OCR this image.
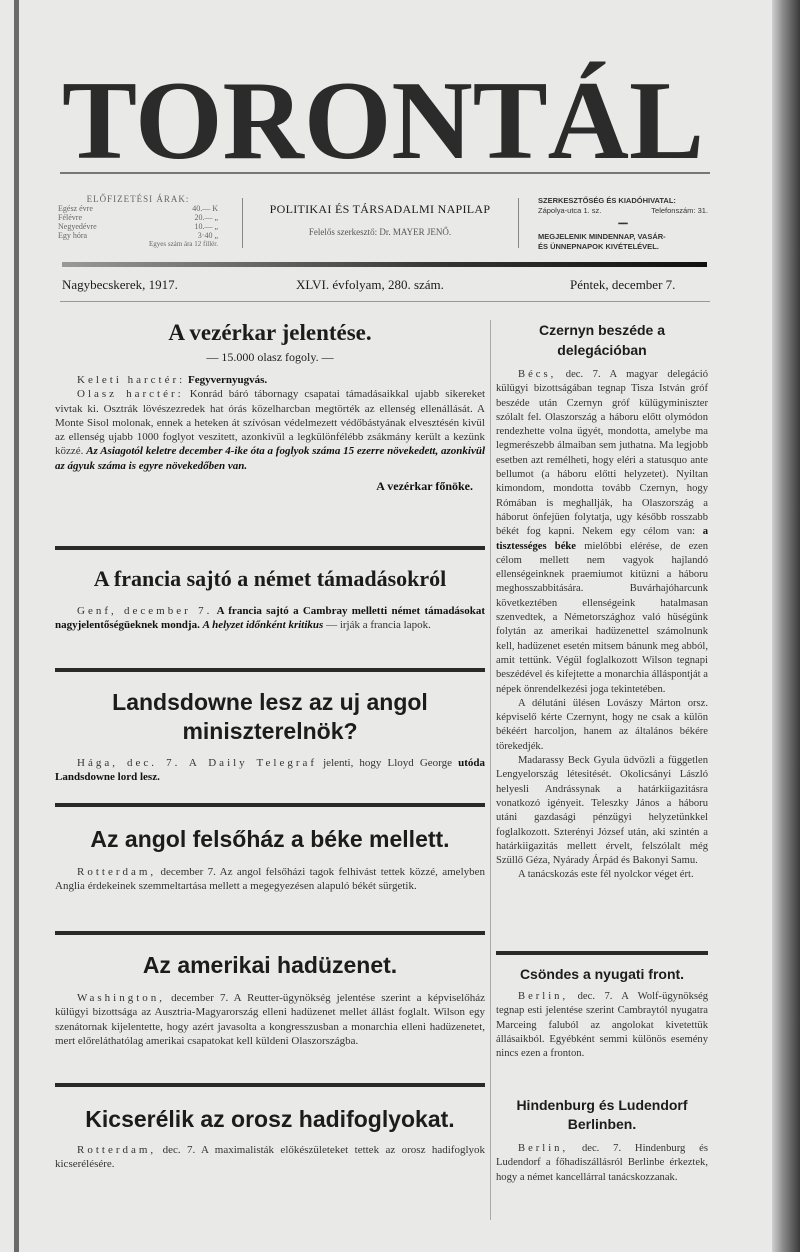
TORONTÁL
ELŐFIZETÉSI ÁRAK:
Egész évre	40.— K
Félévre	20.— „
Negyedévre	10.— „
Egy hóra	3·40 „
Egyes szám ára 12 fillér.
POLITIKAI ÉS TÁRSADALMI NAPILAP
Felelős szerkesztő: Dr. MAYER JENŐ.
SZERKESZTŐSÉG ÉS KIADÓHIVATAL:
Zápolya-utca 1. sz.	Telefonszám: 31.
━━
MEGJELENIK MINDENNAP, VASÁR-
ÉS ÜNNEPNAPOK KIVÉTELÉVEL.
Nagybecskerek, 1917.	XLVI. évfolyam, 280. szám.	Péntek, december 7.
A vezérkar jelentése.
— 15.000 olasz fogoly. —
Keleti harctér: Fegyvernyugvás.
Olasz harctér: Konrád báró tábornagy csapatai támadásaikkal ujabb sikereket vivtak ki. Osztrák lövészezredek hat órás közelharcban megtörték az ellenség ellenállását. A Monte Sisol molonak, ennek a heteken át szívósan védelmezett védőbástyának elvesztésén kivül az ellenség ujabb 1000 foglyot veszitett, azonkivül a legkülönfélébb zsákmány került a kezünk közzé. Az Asiagotól keletre december 4-ike óta a foglyok száma 15 ezerre növekedett, azonkivül az ágyuk száma is egyre növekedőben van.
A vezérkar főnöke.
A francia sajtó a német támadásokról
Genf, december 7. A francia sajtó a Cambray melletti német támadásokat nagyjelentőségüeknek mondja. A helyzet időnként kritikus — irják a francia lapok.
Landsdowne lesz az uj angol
miniszterelnök?
Hága, dec. 7. A Daily Telegraf jelenti, hogy Lloyd George utóda Landsdowne lord lesz.
Az angol felsőház a béke mellett.
Rotterdam, december 7. Az angol felsőházi tagok felhivást tettek közzé, amelyben Anglia érdekeinek szemmeltartása mellett a megegyezésen alapuló békét sürgetik.
Az amerikai hadüzenet.
Washington, december 7. A Reutter-ügynökség jelentése szerint a képviselőház külügyi bizottsága az Ausztria-Magyarország elleni hadüzenet mellet állást foglalt. Wilson egy szenátornak kijelentette, hogy azért javasolta a kongresszusban a monarchia elleni hadüzenetet, mert előreláthatólag amerikai csapatokat kell küldeni Olaszországba.
Kicserélik az orosz hadifoglyokat.
Rotterdam, dec. 7. A maximalisták előkészületeket tettek az orosz hadifoglyok kicserélésére.
Czernyn beszéde a
delegációban
Bécs, dec. 7. A magyar delegáció külügyi bizottságában tegnap Tisza István gróf beszéde után Czernyn gróf külügyminiszter szólalt fel. Olaszország a háboru előtt olymódon rendezhette volna ügyét, mondotta, amelybe ma legmerészebb álmaiban sem juthatna. Ma legjobb esetben azt remélheti, hogy eléri a statusquo ante bellumot (a háboru előtti helyzetet). Nyiltan kimondom, mondotta tovább Czernyn, hogy Rómában is meghallják, ha Olaszország a háborut önfejüen folytatja, ugy később rosszabb békét fog kapni. Nekem egy célom van: a tisztességes béke mielőbbi elérése, de ezen célom mellett nem vagyok hajlandó ellenségeinknek praemiumot kitüzni a háboru meghosszabbitására. Buvárhajóharcunk következtében ellenségeink hatalmasan szenvedtek, a Németországhoz való hüségünk folytán az amerikai hadüzenettel számolnunk kell, hadüzenet esetén mitsem bánunk meg abból, amit tettünk. Végül foglalkozott Wilson tegnapi beszédével és kifejtette a monarchia álláspontját a népek önrendelkezési joga tekintetében.
A délutáni ülésen Lovászy Márton orsz. képviselő kérte Czernynt, hogy ne csak a külön békéért harcoljon, hanem az általános békére törekedjék.
Madarassy Beck Gyula üdvözli a független Lengyelország létesitését. Okolicsányi László helyesli Andrássynak a határkiigazitásra vonatkozó igényeit. Teleszky János a háboru utáni gazdasági pénzügyi helyzetünkkel foglalkozott. Szterényi József után, aki szintén a határkiigazitás mellett érvelt, felszólalt még Szüllő Géza, Nyárady Árpád és Bakonyi Samu.
A tanácskozás este fél nyolckor véget ért.
Csöndes a nyugati front.
Berlin, dec. 7. A Wolf-ügynökség tegnap esti jelentése szerint Cambraytól nyugatra Marceing faluból az angolokat kivetettük állásaikból. Egyébként semmi különös esemény nincs ezen a fronton.
Hindenburg és Ludendorf
Berlinben.
Berlin, dec. 7. Hindenburg és Ludendorf a főhadiszállásról Berlinbe érkeztek, hogy a német kancellárral tanácskozzanak.
